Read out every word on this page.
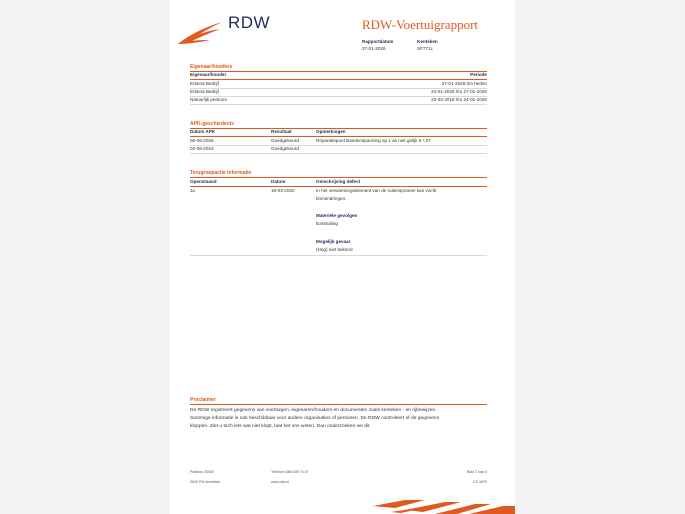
RDW	RDW-Voertuigrapport
Rapportdatum
27-01-2026
Kenteken
SF771L
Eigenaar/houders
Eigenaar/houder	Periode
Erkend Bedrijf	27-01-2026 t/m heden
Erkend Bedrijf	24-01-2026 t/m 27-01-2026
Natuurlijk persoon	23-03-2018 t/m 24-01-2026
APK-geschiedenis
Datum APK	Resultaat	Opmerkingen
06-08-2025	Goedgekeurd	Reparatiepunt Bandenspanning op 1 as niet gelijk 5.*.27
02-08-2023	Goedgekeurd
Terugroepactie informatie
Openstaand	Datum	Omschrijving defect
Ja	19-03-2020	In het verwarmingselement van de ruitensproeier kan vocht
binnendringen.
Materiële gevolgen
kortsluiting
Mogelijk gevaar
(Nog) niet bekend
Proclaimer
De RDW registreert gegevens van voertuigen, eigenaren/houders en documenten zoals kenteken - en rijbewijzen.
Sommige informatie is ook beschikbaar voor andere organisaties of personen. De RDW controleert of de gegevens
kloppen. Ziet u toch iets wat niet klopt, laat het ons weten. Dan onderzoeken we dit.
Postbus 30000
9640 RA Veendam
Telefoon 088 008 74 47
www.rdw.nl
Blad 3 van 3
2.E.1875
